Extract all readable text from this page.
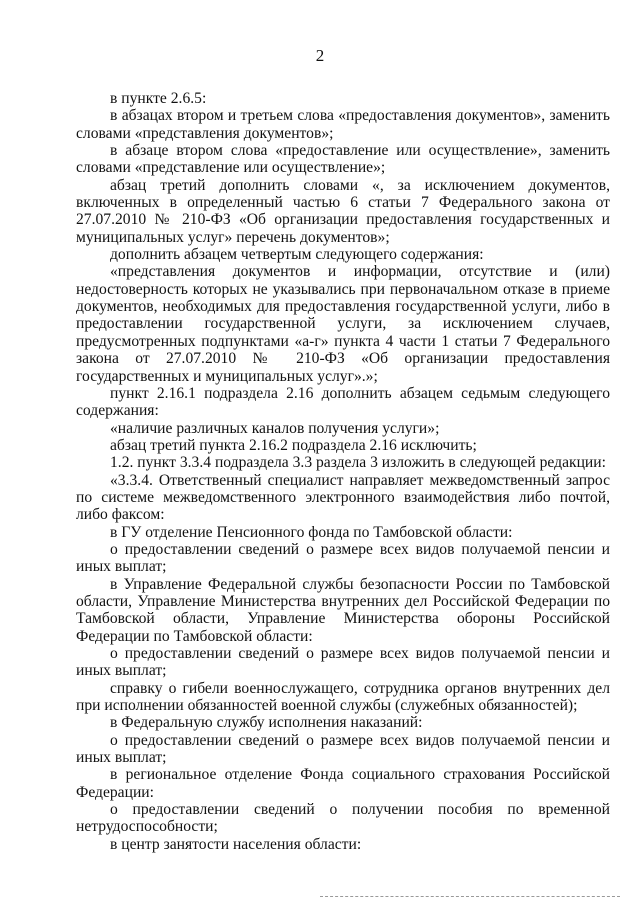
2

в пункте 2.6.5:

в абзацах втором и третьем слова «предоставления документов», заменить словами «представления документов»;

в абзаце втором слова «предоставление или осуществление», заменить словами «представление или осуществление»;

абзац третий дополнить словами «, за исключением документов, включенных в определенный частью 6 статьи 7 Федерального закона от 27.07.2010 № 210-ФЗ «Об организации предоставления государственных и муниципальных услуг» перечень документов»;

дополнить абзацем четвертым следующего содержания:

«представления документов и информации, отсутствие и (или) недостоверность которых не указывались при первоначальном отказе в приеме документов, необходимых для предоставления государственной услуги, либо в предоставлении государственной услуги, за исключением случаев, предусмотренных подпунктами «а-г» пункта 4 части 1 статьи 7 Федерального закона от 27.07.2010 № 210-ФЗ «Об организации предоставления государственных и муниципальных услуг».»;

пункт 2.16.1 подраздела 2.16 дополнить абзацем седьмым следующего содержания:

«наличие различных каналов получения услуги»;

абзац третий пункта 2.16.2 подраздела 2.16 исключить;

1.2. пункт 3.3.4 подраздела 3.3 раздела 3 изложить в следующей редакции:

«3.3.4. Ответственный специалист направляет межведомственный запрос по системе межведомственного электронного взаимодействия либо почтой, либо факсом:

в ГУ отделение Пенсионного фонда по Тамбовской области:

о предоставлении сведений о размере всех видов получаемой пенсии и иных выплат;

в Управление Федеральной службы безопасности России по Тамбовской области, Управление Министерства внутренних дел Российской Федерации по Тамбовской области, Управление Министерства обороны Российской Федерации по Тамбовской области:

о предоставлении сведений о размере всех видов получаемой пенсии и иных выплат;

справку о гибели военнослужащего, сотрудника органов внутренних дел при исполнении обязанностей военной службы (служебных обязанностей);

в Федеральную службу исполнения наказаний:

о предоставлении сведений о размере всех видов получаемой пенсии и иных выплат;

в региональное отделение Фонда социального страхования Российской Федерации:

о предоставлении сведений о получении пособия по временной нетрудоспособности;

в центр занятости населения области:
